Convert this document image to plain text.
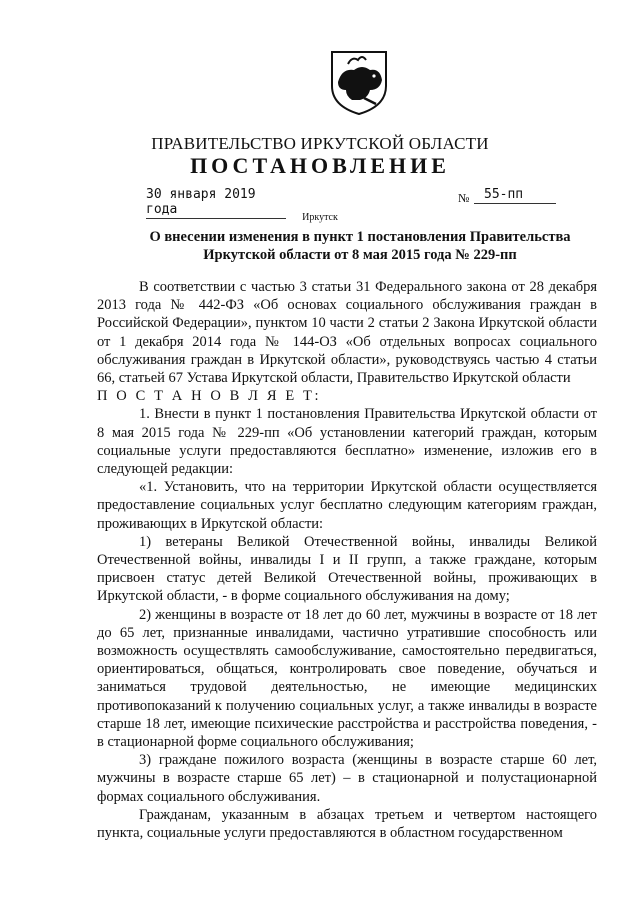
ПРАВИТЕЛЬСТВО ИРКУТСКОЙ ОБЛАСТИ
ПОСТАНОВЛЕНИЕ
30 января 2019 года
№	55-пп
Иркутск
О внесении изменения в пункт 1 постановления Правительства
Иркутской области от 8 мая 2015 года № 229-пп

В соответствии с частью 3 статьи 31 Федерального закона от 28 декабря 2013 года № 442-ФЗ «Об основах социального обслуживания граждан в Российской Федерации», пунктом 10 части 2 статьи 2 Закона Иркутской области от 1 декабря 2014 года № 144-ОЗ «Об отдельных вопросах социального обслуживания граждан в Иркутской области», руководствуясь частью 4 статьи 66, статьей 67 Устава Иркутской области, Правительство Иркутской области

П О С Т А Н О В Л Я Е Т:

1. Внести в пункт 1 постановления Правительства Иркутской области от 8 мая 2015 года № 229-пп «Об установлении категорий граждан, которым социальные услуги предоставляются бесплатно» изменение, изложив его в следующей редакции:

«1. Установить, что на территории Иркутской области осуществляется предоставление социальных услуг бесплатно следующим категориям граждан, проживающих в Иркутской области:

1) ветераны Великой Отечественной войны, инвалиды Великой Отечественной войны, инвалиды I и II групп, а также граждане, которым присвоен статус детей Великой Отечественной войны, проживающих в Иркутской области, - в форме социального обслуживания на дому;

2) женщины в возрасте от 18 лет до 60 лет, мужчины в возрасте от 18 лет до 65 лет, признанные инвалидами, частично утратившие способность или возможность осуществлять самообслуживание, самостоятельно передвигаться, ориентироваться, общаться, контролировать свое поведение, обучаться и заниматься трудовой деятельностью, не имеющие медицинских противопоказаний к получению социальных услуг, а также инвалиды в возрасте старше 18 лет, имеющие психические расстройства и расстройства поведения, - в стационарной форме социального обслуживания;

3) граждане пожилого возраста (женщины в возрасте старше 60 лет, мужчины в возрасте старше 65 лет) – в стационарной и полустационарной формах социального обслуживания.

Гражданам, указанным в абзацах третьем и четвертом настоящего пункта, социальные услуги предоставляются в областном государственном
